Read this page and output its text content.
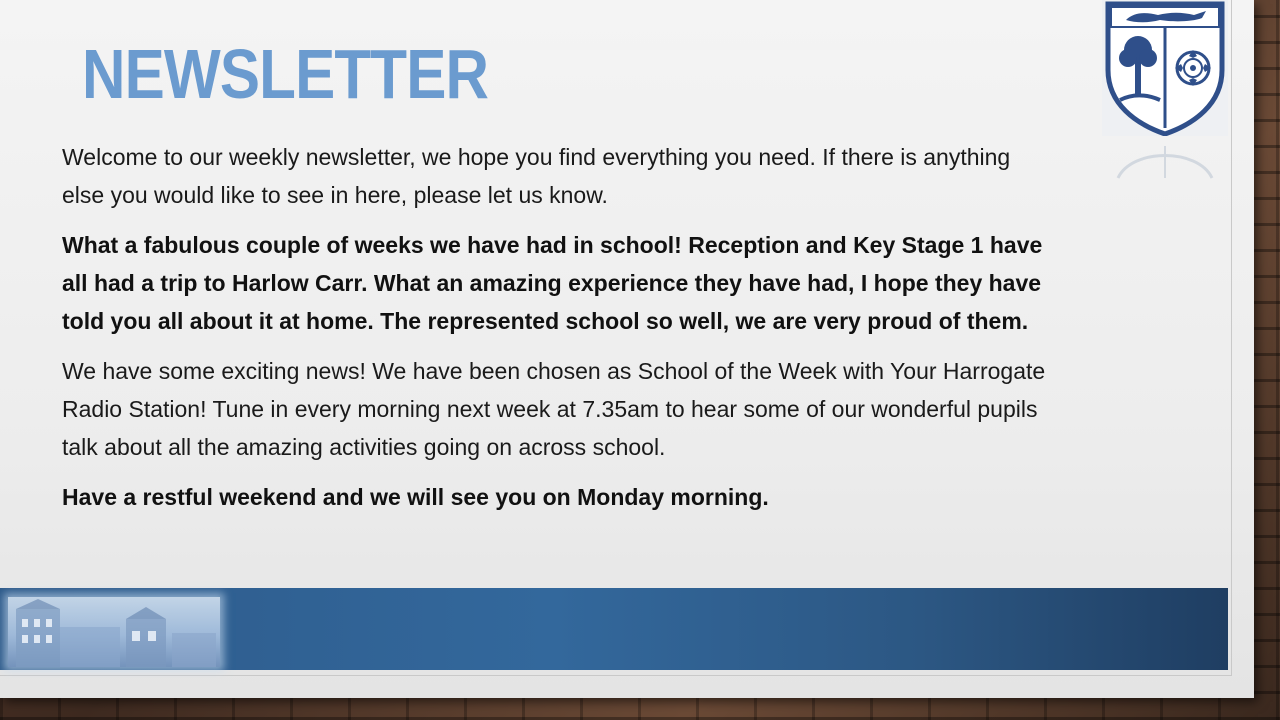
NEWSLETTER

Welcome to our weekly newsletter, we hope you find everything you need. If there is anything else you would like to see in here, please let us know.

What a fabulous couple of weeks we have had in school! Reception and Key Stage 1 have all had a trip to Harlow Carr. What an amazing experience they have had, I hope they have told you all about it at home. The represented school so well, we are very proud of them.

We have some exciting news! We have been chosen as School of the Week with Your Harrogate Radio Station! Tune in every morning next week at 7.35am to hear some of our wonderful pupils talk about all the amazing activities going on across school.

Have a restful weekend and we will see you on Monday morning.
